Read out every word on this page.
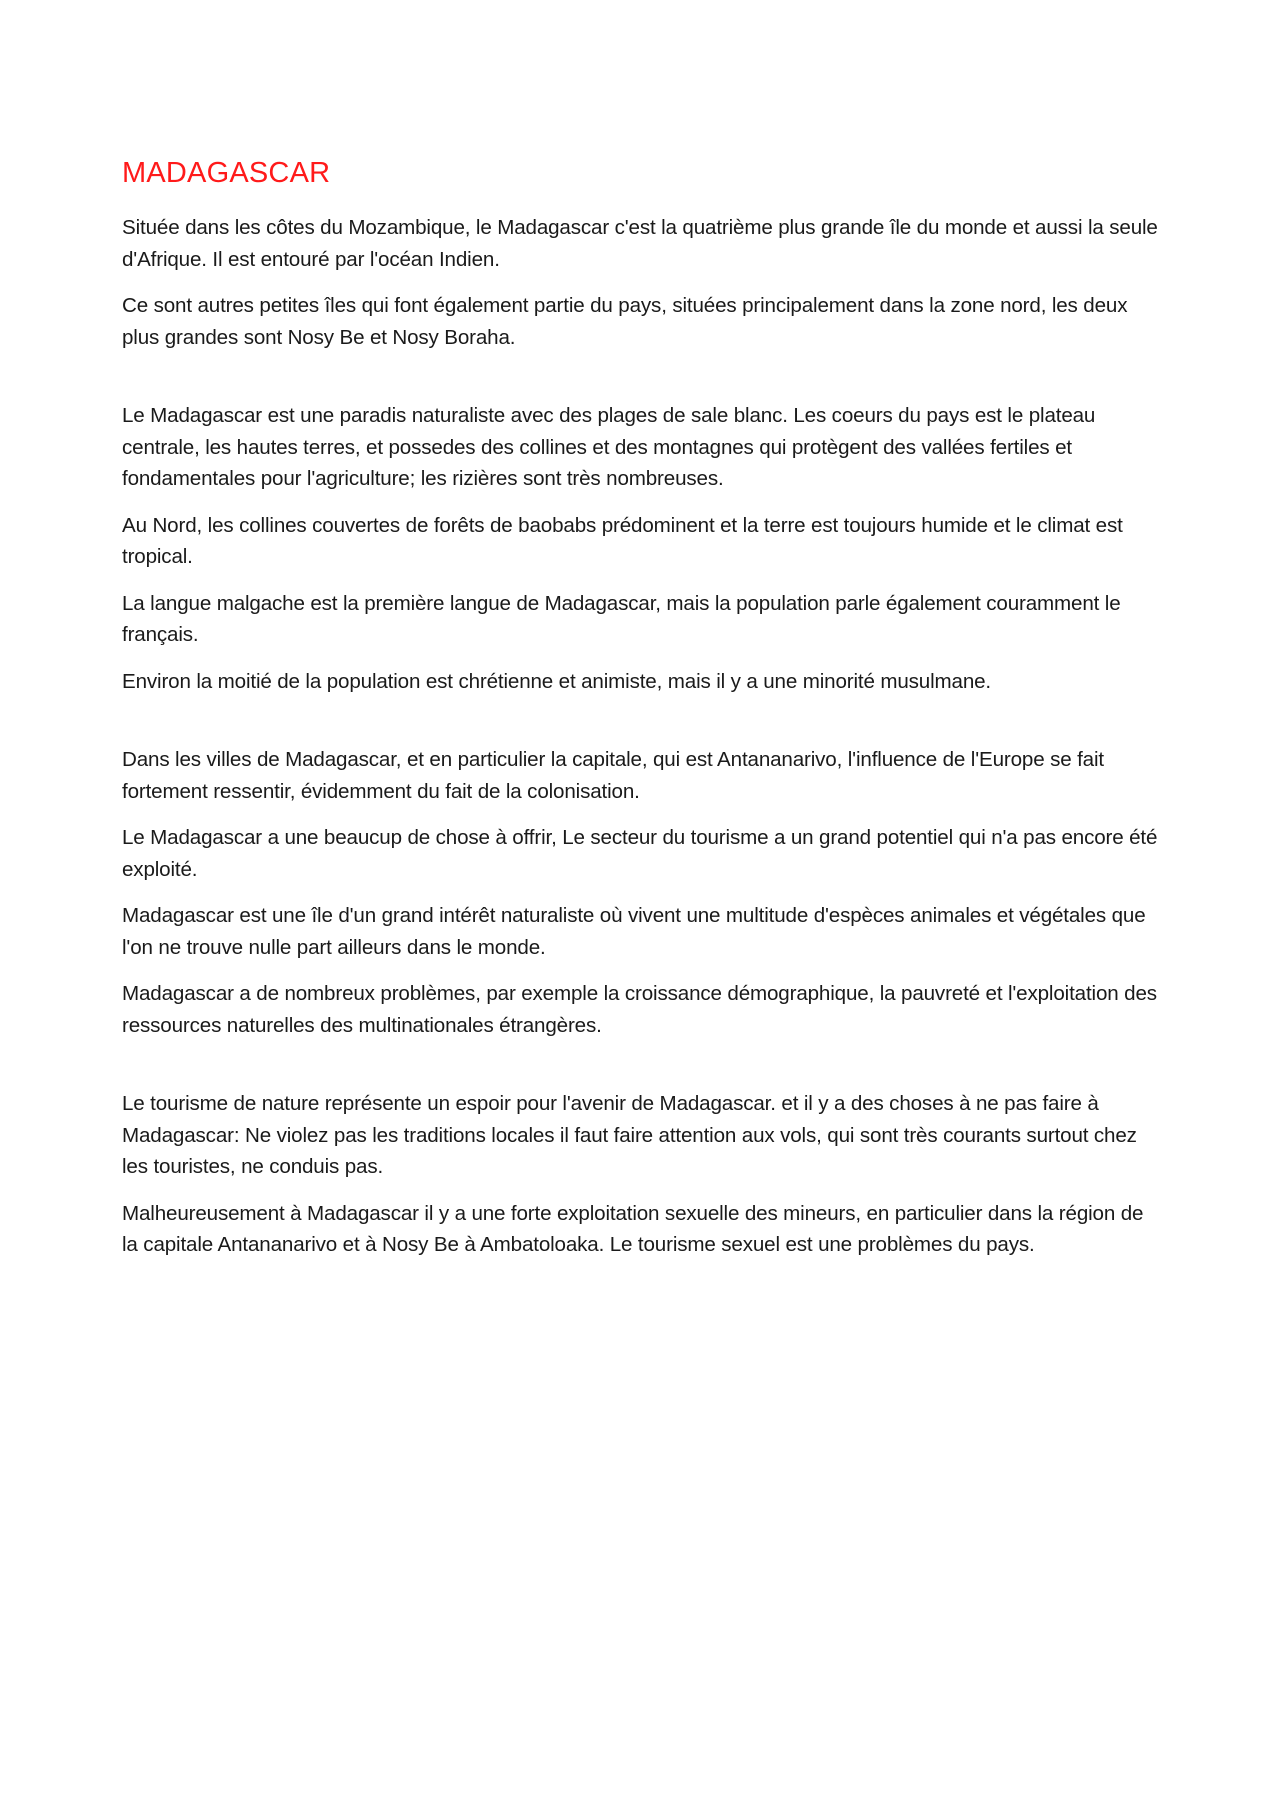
MADAGASCAR

Située dans les côtes du Mozambique, le Madagascar c'est la quatrième plus grande île du monde et aussi la seule d'Afrique. Il est entouré par l'océan Indien.

Ce sont autres petites îles qui font également partie du pays, situées principalement dans la zone nord, les deux plus grandes sont Nosy Be et Nosy Boraha.

Le Madagascar est une paradis naturaliste avec des plages de sale blanc. Les coeurs du pays est le plateau centrale, les hautes terres, et possedes des collines et des montagnes qui protègent des vallées fertiles et fondamentales pour l'agriculture; les rizières sont très nombreuses.

Au Nord, les collines couvertes de forêts de baobabs prédominent et la terre est toujours humide et le climat est tropical.

La langue malgache est la première langue de Madagascar, mais la population parle également couramment le français.

Environ la moitié de la population est chrétienne et animiste, mais il y a une minorité musulmane.

Dans les villes de Madagascar, et en particulier la capitale, qui est Antananarivo, l'influence de l'Europe se fait fortement ressentir, évidemment du fait de la colonisation.

Le Madagascar a une beaucup de chose à offrir, Le secteur du tourisme a un grand potentiel qui n'a pas encore été exploité.

Madagascar est une île d'un grand intérêt naturaliste où vivent une multitude d'espèces animales et végétales que l'on ne trouve nulle part ailleurs dans le monde.

Madagascar a de nombreux problèmes, par exemple la croissance démographique, la pauvreté et l'exploitation des ressources naturelles des multinationales étrangères.

Le tourisme de nature représente un espoir pour l'avenir de Madagascar. et il y a des choses à ne pas faire à Madagascar: Ne violez pas les traditions locales il faut faire attention aux vols, qui sont très courants surtout chez les touristes, ne conduis pas.

Malheureusement à Madagascar il y a une forte exploitation sexuelle des mineurs, en particulier dans la région de la capitale Antananarivo et à Nosy Be à Ambatoloaka. Le tourisme sexuel est une problèmes du pays.
